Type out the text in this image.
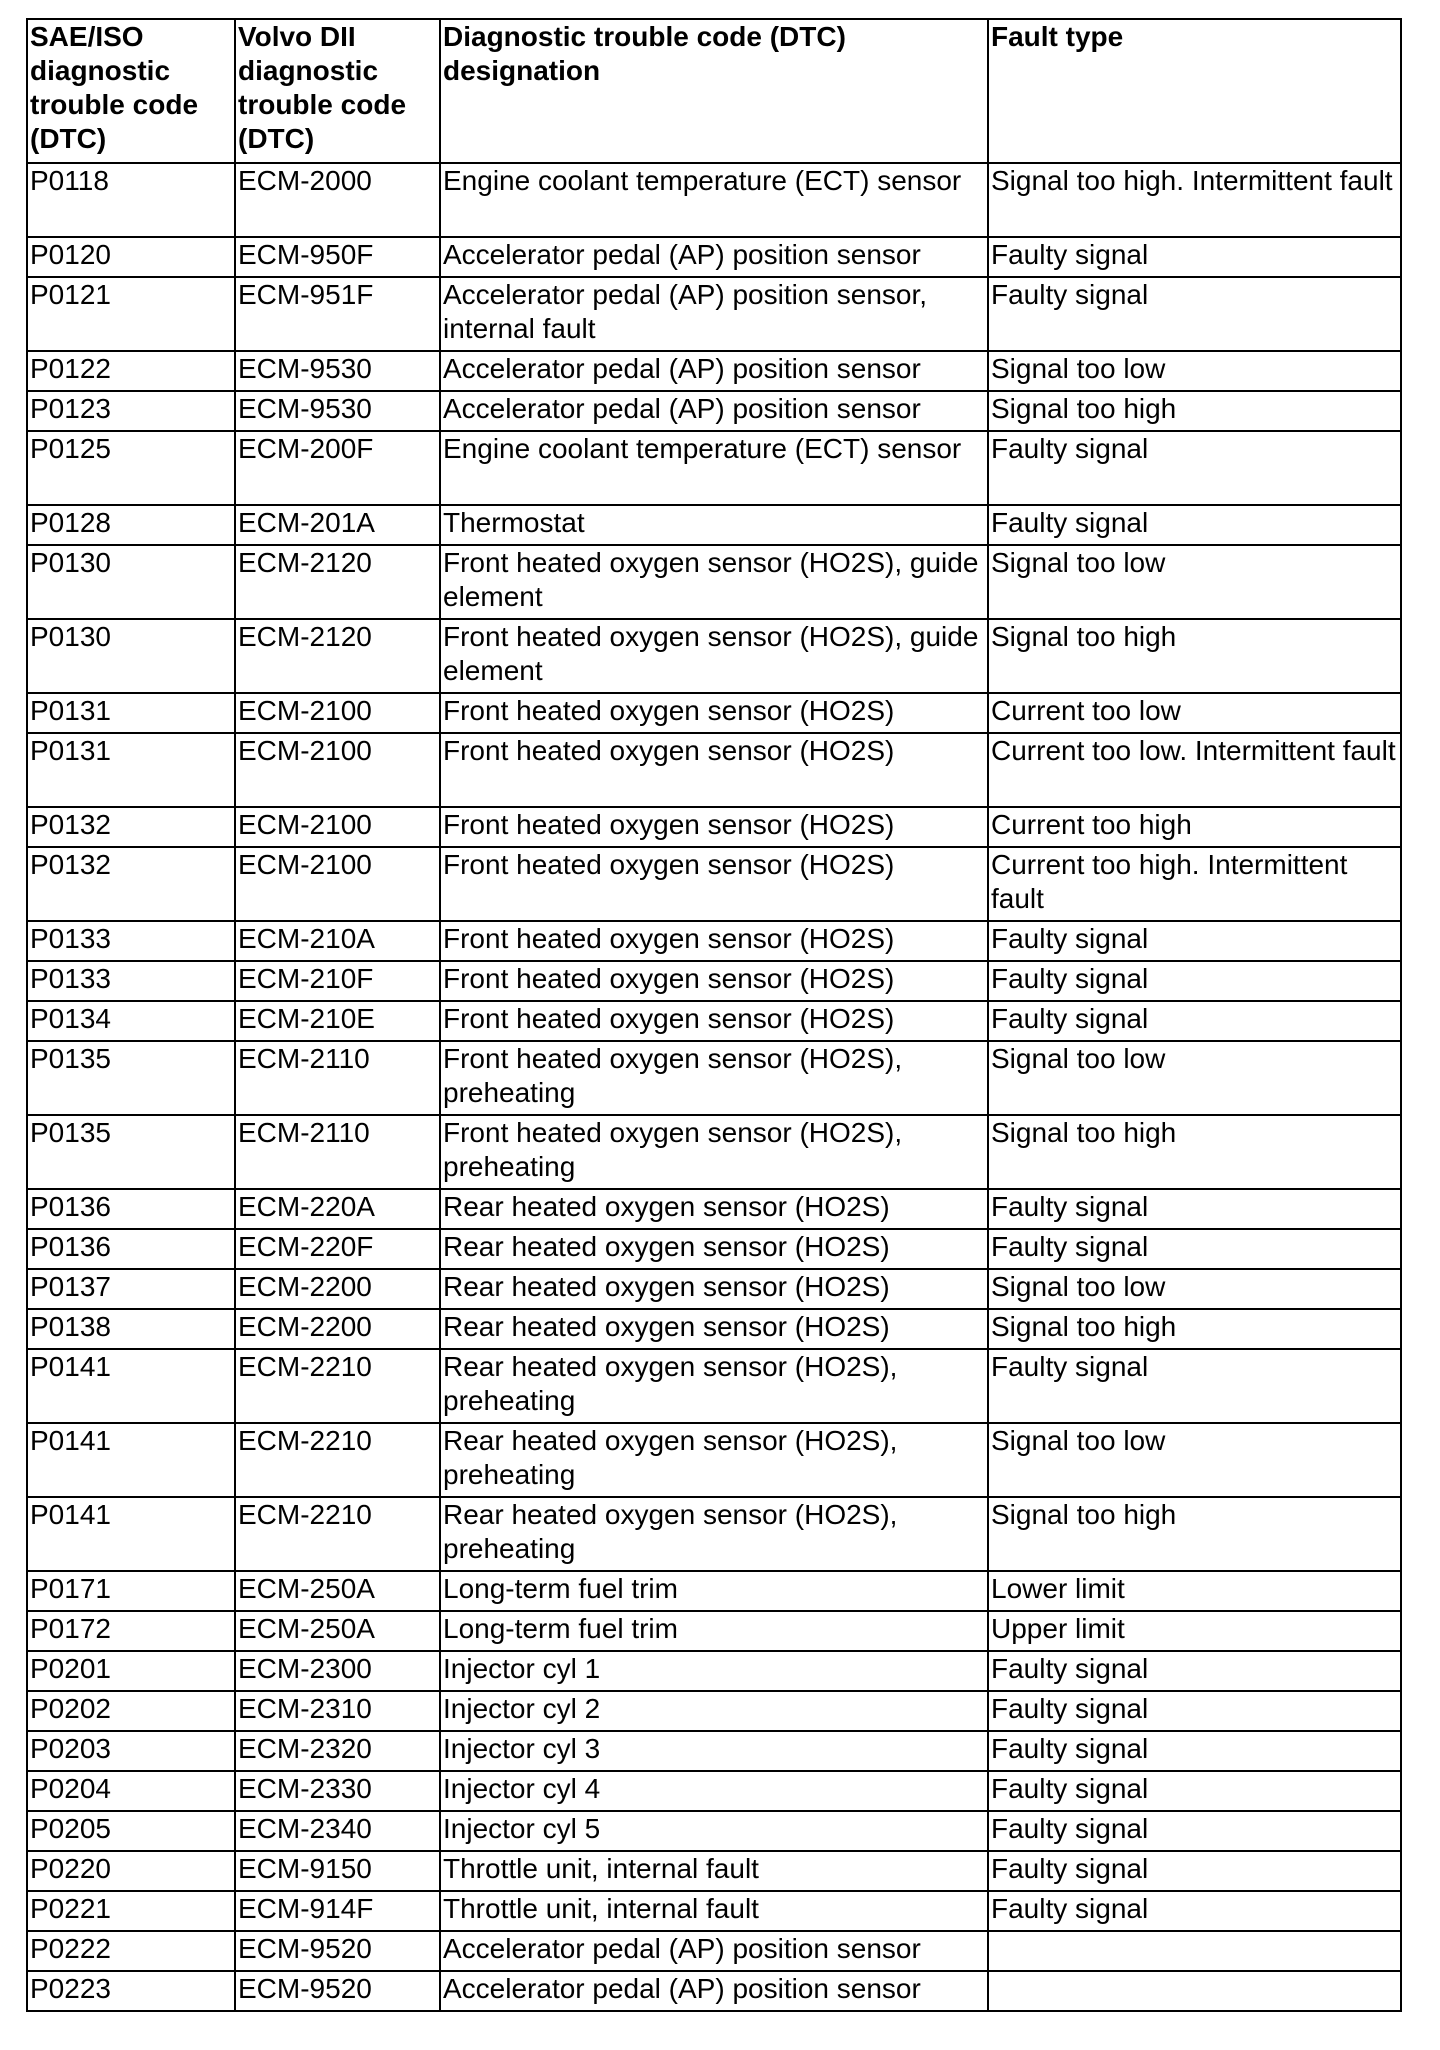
SAE/ISO diagnostic trouble code (DTC)	Volvo DII diagnostic trouble code (DTC)	Diagnostic trouble code (DTC) designation	Fault type
P0118	ECM-2000	Engine coolant temperature (ECT) sensor	Signal too high. Intermittent fault
P0120	ECM-950F	Accelerator pedal (AP) position sensor	Faulty signal
P0121	ECM-951F	Accelerator pedal (AP) position sensor, internal fault	Faulty signal
P0122	ECM-9530	Accelerator pedal (AP) position sensor	Signal too low
P0123	ECM-9530	Accelerator pedal (AP) position sensor	Signal too high
P0125	ECM-200F	Engine coolant temperature (ECT) sensor	Faulty signal
P0128	ECM-201A	Thermostat	Faulty signal
P0130	ECM-2120	Front heated oxygen sensor (HO2S), guide element	Signal too low
P0130	ECM-2120	Front heated oxygen sensor (HO2S), guide element	Signal too high
P0131	ECM-2100	Front heated oxygen sensor (HO2S)	Current too low
P0131	ECM-2100	Front heated oxygen sensor (HO2S)	Current too low. Intermittent fault
P0132	ECM-2100	Front heated oxygen sensor (HO2S)	Current too high
P0132	ECM-2100	Front heated oxygen sensor (HO2S)	Current too high. Intermittent fault
P0133	ECM-210A	Front heated oxygen sensor (HO2S)	Faulty signal
P0133	ECM-210F	Front heated oxygen sensor (HO2S)	Faulty signal
P0134	ECM-210E	Front heated oxygen sensor (HO2S)	Faulty signal
P0135	ECM-2110	Front heated oxygen sensor (HO2S), preheating	Signal too low
P0135	ECM-2110	Front heated oxygen sensor (HO2S), preheating	Signal too high
P0136	ECM-220A	Rear heated oxygen sensor (HO2S)	Faulty signal
P0136	ECM-220F	Rear heated oxygen sensor (HO2S)	Faulty signal
P0137	ECM-2200	Rear heated oxygen sensor (HO2S)	Signal too low
P0138	ECM-2200	Rear heated oxygen sensor (HO2S)	Signal too high
P0141	ECM-2210	Rear heated oxygen sensor (HO2S), preheating	Faulty signal
P0141	ECM-2210	Rear heated oxygen sensor (HO2S), preheating	Signal too low
P0141	ECM-2210	Rear heated oxygen sensor (HO2S), preheating	Signal too high
P0171	ECM-250A	Long-term fuel trim	Lower limit
P0172	ECM-250A	Long-term fuel trim	Upper limit
P0201	ECM-2300	Injector cyl 1	Faulty signal
P0202	ECM-2310	Injector cyl 2	Faulty signal
P0203	ECM-2320	Injector cyl 3	Faulty signal
P0204	ECM-2330	Injector cyl 4	Faulty signal
P0205	ECM-2340	Injector cyl 5	Faulty signal
P0220	ECM-9150	Throttle unit, internal fault	Faulty signal
P0221	ECM-914F	Throttle unit, internal fault	Faulty signal
P0222	ECM-9520	Accelerator pedal (AP) position sensor	
P0223	ECM-9520	Accelerator pedal (AP) position sensor	
